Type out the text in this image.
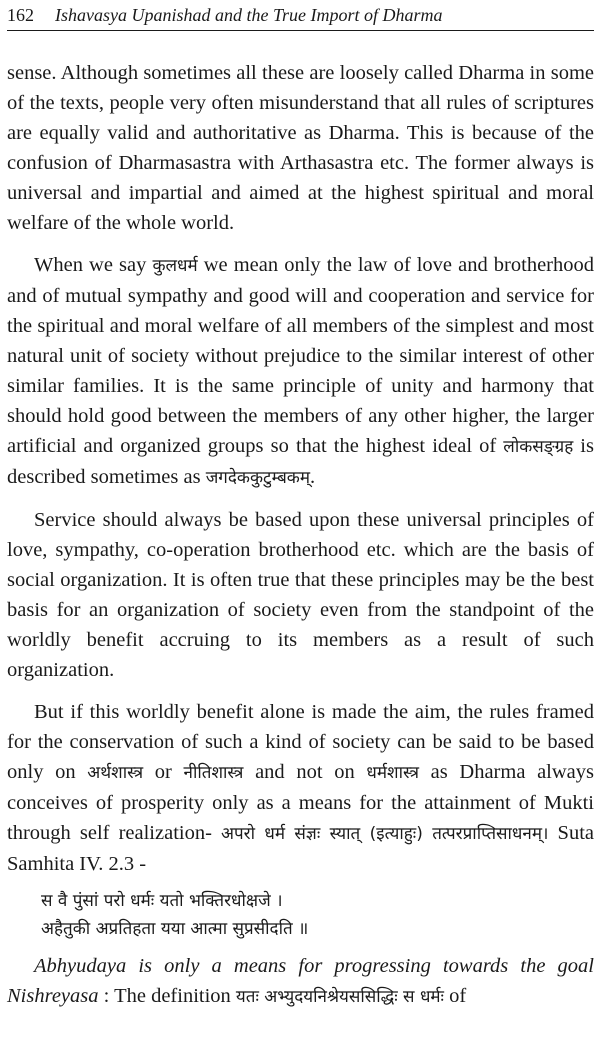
162 Ishavasya Upanishad and the True Import of Dharma

sense. Although sometimes all these are loosely called Dharma in some of the texts, people very often misunderstand that all rules of scriptures are equally valid and authoritative as Dharma. This is because of the confusion of Dharmasastra with Arthasastra etc. The former always is universal and impartial and aimed at the highest spiritual and moral welfare of the whole world.

When we say कुलधर्म we mean only the law of love and brotherhood and of mutual sympathy and good will and cooperation and service for the spiritual and moral welfare of all members of the simplest and most natural unit of society without prejudice to the similar interest of other similar families. It is the same principle of unity and harmony that should hold good between the members of any other higher, the larger artificial and organized groups so that the highest ideal of लोकसङ्ग्रह is described sometimes as जगदेककुटुम्बकम्.

Service should always be based upon these universal principles of love, sympathy, co-operation brotherhood etc. which are the basis of social organization. It is often true that these principles may be the best basis for an organization of society even from the standpoint of the worldly benefit accruing to its members as a result of such organization.

But if this worldly benefit alone is made the aim, the rules framed for the conservation of such a kind of society can be said to be based only on अर्थशास्त्र or नीतिशास्त्र and not on धर्मशास्त्र as Dharma always conceives of prosperity only as a means for the attainment of Mukti through self realization- अपरो धर्म संज्ञः स्यात् (इत्याहुः) तत्परप्राप्तिसाधनम्। Suta Samhita IV. 2.3 -

स वै पुंसां परो धर्मः यतो भक्तिरधोक्षजे ।
अहैतुकी अप्रतिहता यया आत्मा सुप्रसीदति ॥

Abhyudaya is only a means for progressing towards the goal Nishreyasa : The definition यतः अभ्युदयनिश्रेयससिद्धिः स धर्मः of
